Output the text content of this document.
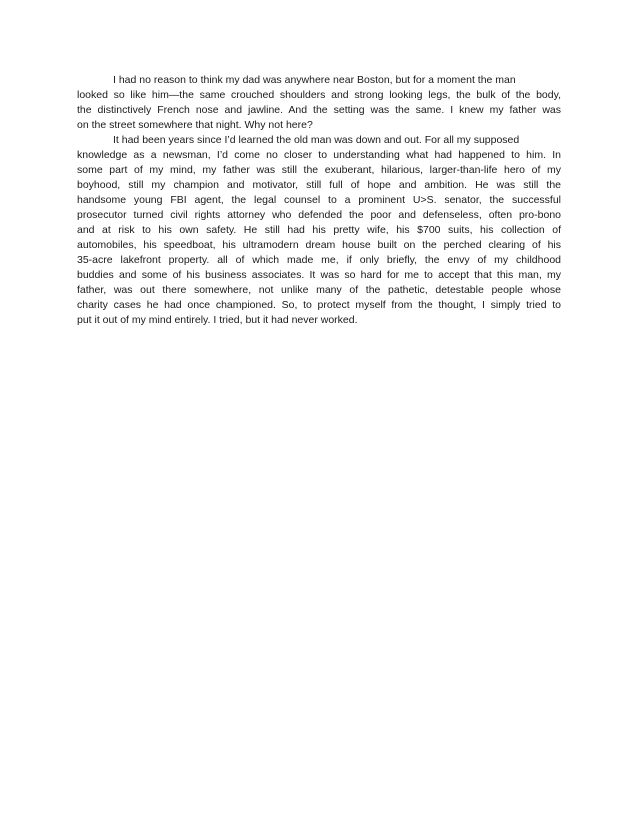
I had no reason to think my dad was anywhere near Boston, but for a moment the man
looked so like him—the same crouched shoulders and strong looking legs, the bulk of the body,
the distinctively French nose and jawline. And the setting was the same. I knew my father was
on the street somewhere that night. Why not here?
It had been years since I’d learned the old man was down and out. For all my supposed
knowledge as a newsman, I’d come no closer to understanding what had happened to him. In
some part of my mind, my father was still the exuberant, hilarious, larger-than-life hero of my
boyhood, still my champion and motivator, still full of hope and ambition. He was still the
handsome young FBI agent, the legal counsel to a prominent U>S. senator, the successful
prosecutor turned civil rights attorney who defended the poor and defenseless, often pro-bono
and at risk to his own safety. He still had his pretty wife, his $700 suits, his collection of
automobiles, his speedboat, his ultramodern dream house built on the perched clearing of his
35-acre lakefront property. all of which made me, if only briefly, the envy of my childhood
buddies and some of his business associates. It was so hard for me to accept that this man, my
father, was out there somewhere, not unlike many of the pathetic, detestable people whose
charity cases he had once championed. So, to protect myself from the thought, I simply tried to
put it out of my mind entirely. I tried, but it had never worked.
